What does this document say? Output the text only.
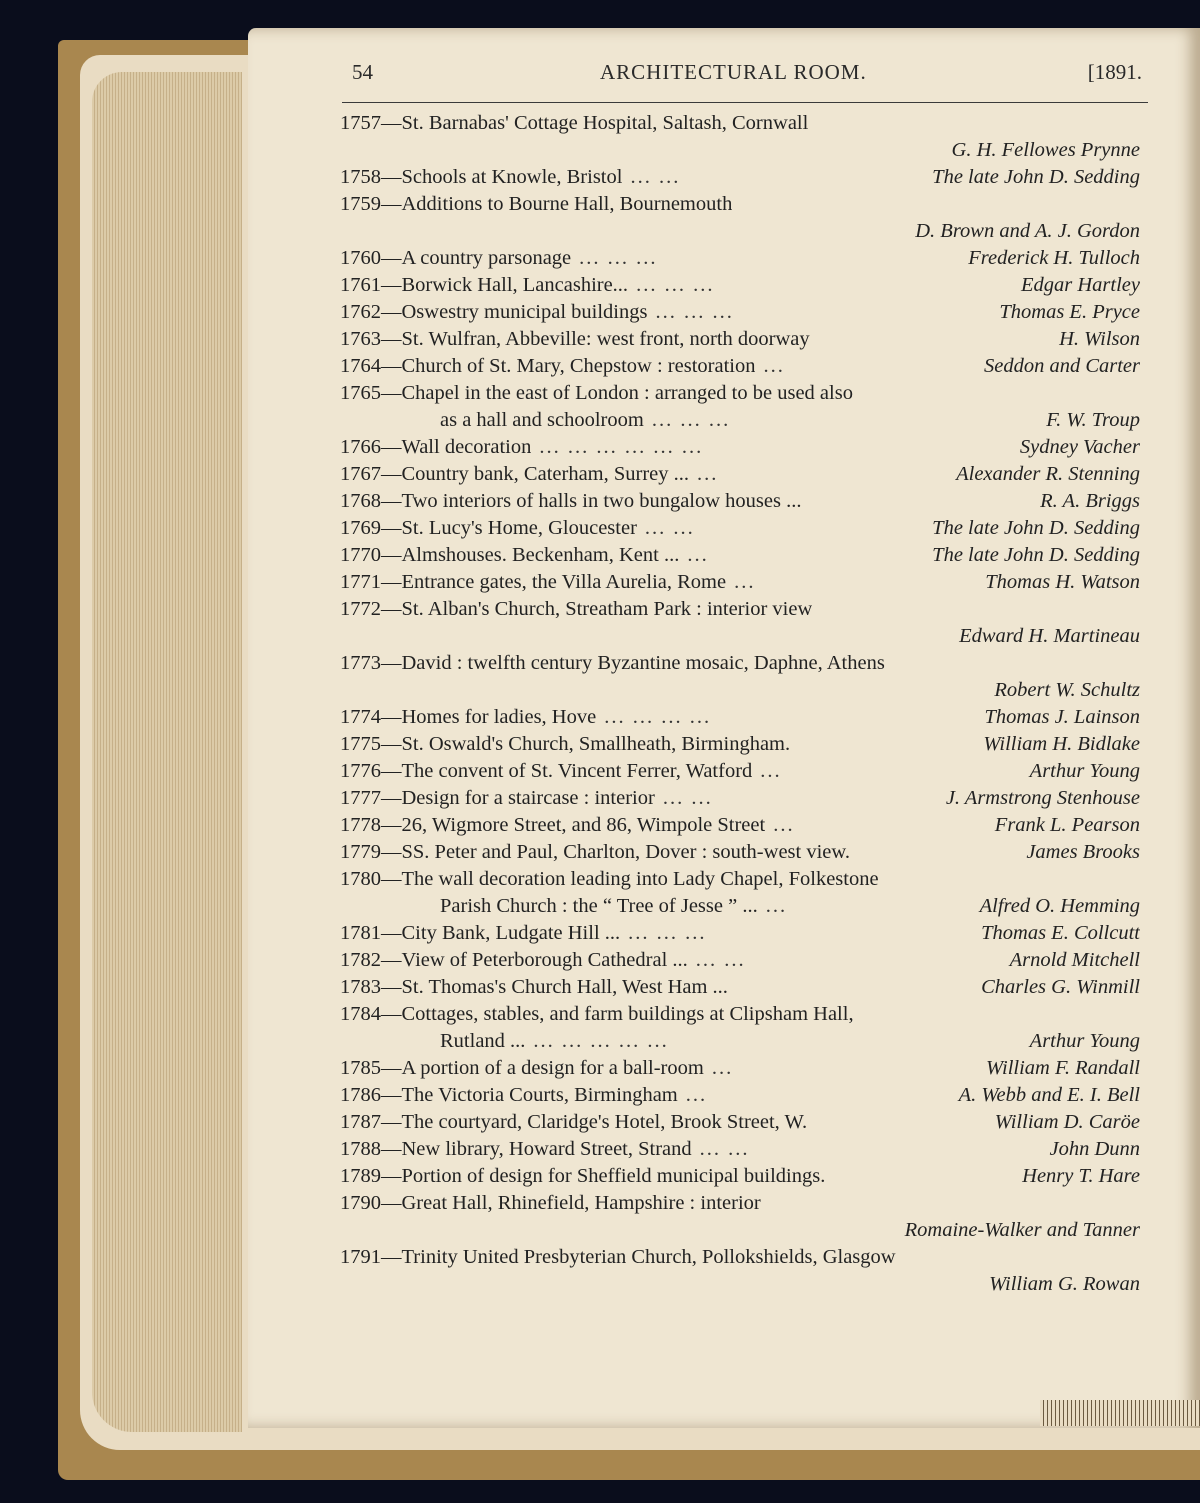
54	ARCHITECTURAL ROOM.	[1891.
1757—St. Barnabas' Cottage Hospital, Saltash, Cornwall
G. H. Fellowes Prynne
1758—Schools at Knowle, Bristol ... ...	The late John D. Sedding
1759—Additions to Bourne Hall, Bournemouth
D. Brown and A. J. Gordon
1760—A country parsonage ... ... ...	Frederick H. Tulloch
1761—Borwick Hall, Lancashire... ... ... ...	Edgar Hartley
1762—Oswestry municipal buildings ... ... ...	Thomas E. Pryce
1763—St. Wulfran, Abbeville: west front, north doorway	H. Wilson
1764—Church of St. Mary, Chepstow : restoration ...	Seddon and Carter
1765—Chapel in the east of London : arranged to be used also
as a hall and schoolroom ... ... ...	F. W. Troup
1766—Wall decoration ... ... ... ... ... ...	Sydney Vacher
1767—Country bank, Caterham, Surrey ... ...	Alexander R. Stenning
1768—Two interiors of halls in two bungalow houses ...	R. A. Briggs
1769—St. Lucy's Home, Gloucester ... ...	The late John D. Sedding
1770—Almshouses. Beckenham, Kent ... ...	The late John D. Sedding
1771—Entrance gates, the Villa Aurelia, Rome ...	Thomas H. Watson
1772—St. Alban's Church, Streatham Park : interior view
Edward H. Martineau
1773—David : twelfth century Byzantine mosaic, Daphne, Athens
Robert W. Schultz
1774—Homes for ladies, Hove ... ... ... ...	Thomas J. Lainson
1775—St. Oswald's Church, Smallheath, Birmingham.	William H. Bidlake
1776—The convent of St. Vincent Ferrer, Watford ...	Arthur Young
1777—Design for a staircase : interior ... ...	J. Armstrong Stenhouse
1778—26, Wigmore Street, and 86, Wimpole Street ...	Frank L. Pearson
1779—SS. Peter and Paul, Charlton, Dover : south-west view.	James Brooks
1780—The wall decoration leading into Lady Chapel, Folkestone
Parish Church : the “ Tree of Jesse ” ... ...	Alfred O. Hemming
1781—City Bank, Ludgate Hill ... ... ... ...	Thomas E. Collcutt
1782—View of Peterborough Cathedral ... ... ...	Arnold Mitchell
1783—St. Thomas's Church Hall, West Ham ...	Charles G. Winmill
1784—Cottages, stables, and farm buildings at Clipsham Hall,
Rutland ... ... ... ... ... ...	Arthur Young
1785—A portion of a design for a ball-room ...	William F. Randall
1786—The Victoria Courts, Birmingham ...	A. Webb and E. I. Bell
1787—The courtyard, Claridge's Hotel, Brook Street, W.	William D. Caröe
1788—New library, Howard Street, Strand ... ...	John Dunn
1789—Portion of design for Sheffield municipal buildings.	Henry T. Hare
1790—Great Hall, Rhinefield, Hampshire : interior
Romaine-Walker and Tanner
1791—Trinity United Presbyterian Church, Pollokshields, Glasgow
William G. Rowan
